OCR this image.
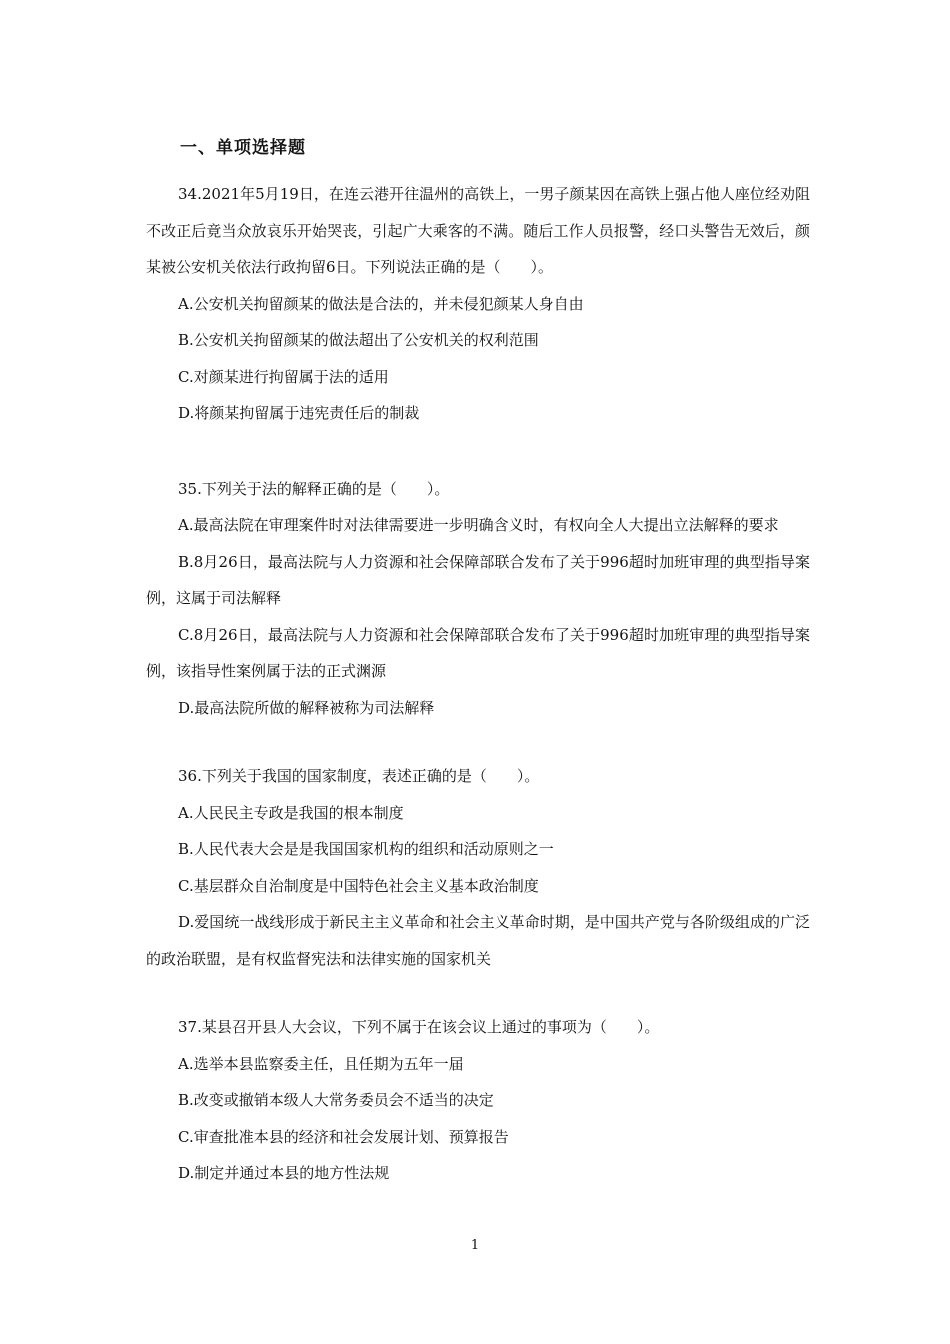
一、单项选择题

34.2021年5月19日，在连云港开往温州的高铁上，一男子颜某因在高铁上强占他人座位经劝阻不改正后竟当众放哀乐开始哭丧，引起广大乘客的不满。随后工作人员报警，经口头警告无效后，颜某被公安机关依法行政拘留6日。下列说法正确的是（　　）。

A.公安机关拘留颜某的做法是合法的，并未侵犯颜某人身自由

B.公安机关拘留颜某的做法超出了公安机关的权利范围

C.对颜某进行拘留属于法的适用

D.将颜某拘留属于违宪责任后的制裁

35.下列关于法的解释正确的是（　　）。

A.最高法院在审理案件时对法律需要进一步明确含义时，有权向全人大提出立法解释的要求

B.8月26日，最高法院与人力资源和社会保障部联合发布了关于996超时加班审理的典型指导案例，这属于司法解释

C.8月26日，最高法院与人力资源和社会保障部联合发布了关于996超时加班审理的典型指导案例，该指导性案例属于法的正式渊源

D.最高法院所做的解释被称为司法解释

36.下列关于我国的国家制度，表述正确的是（　　）。

A.人民民主专政是我国的根本制度

B.人民代表大会是是我国国家机构的组织和活动原则之一

C.基层群众自治制度是中国特色社会主义基本政治制度

D.爱国统一战线形成于新民主主义革命和社会主义革命时期，是中国共产党与各阶级组成的广泛的政治联盟，是有权监督宪法和法律实施的国家机关

37.某县召开县人大会议，下列不属于在该会议上通过的事项为（　　）。

A.选举本县监察委主任，且任期为五年一届

B.改变或撤销本级人大常务委员会不适当的决定

C.审查批准本县的经济和社会发展计划、预算报告

D.制定并通过本县的地方性法规

1
